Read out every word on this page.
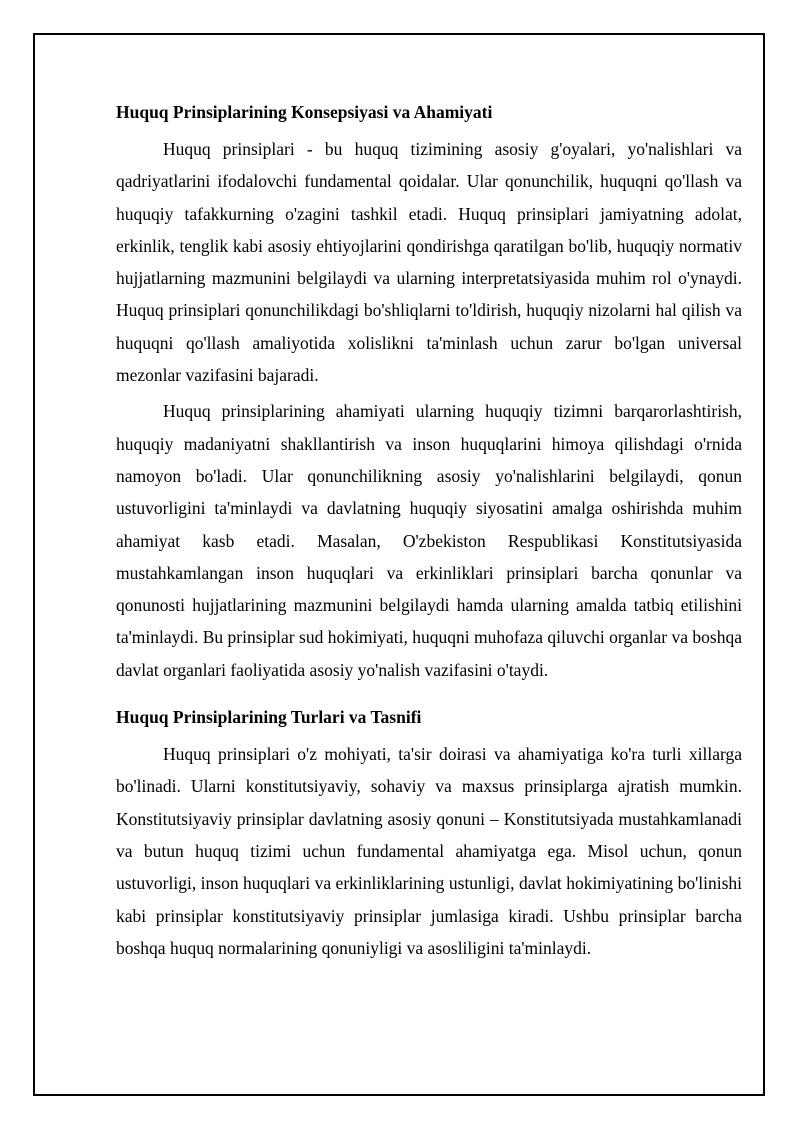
Huquq Prinsiplarining Konsepsiyasi va Ahamiyati

Huquq prinsiplari - bu huquq tizimining asosiy g'oyalari, yo'nalishlari va qadriyatlarini ifodalovchi fundamental qoidalar. Ular qonunchilik, huquqni qo'llash va huquqiy tafakkurning o'zagini tashkil etadi. Huquq prinsiplari jamiyatning adolat, erkinlik, tenglik kabi asosiy ehtiyojlarini qondirishga qaratilgan bo'lib, huquqiy normativ hujjatlarning mazmunini belgilaydi va ularning interpretatsiyasida muhim rol o'ynaydi. Huquq prinsiplari qonunchilikdagi bo'shliqlarni to'ldirish, huquqiy nizolarni hal qilish va huquqni qo'llash amaliyotida xolislikni ta'minlash uchun zarur bo'lgan universal mezonlar vazifasini bajaradi.

Huquq prinsiplarining ahamiyati ularning huquqiy tizimni barqarorlashtirish, huquqiy madaniyatni shakllantirish va inson huquqlarini himoya qilishdagi o'rnida namoyon bo'ladi. Ular qonunchilikning asosiy yo'nalishlarini belgilaydi, qonun ustuvorligini ta'minlaydi va davlatning huquqiy siyosatini amalga oshirishda muhim ahamiyat kasb etadi. Masalan, O'zbekiston Respublikasi Konstitutsiyasida mustahkamlangan inson huquqlari va erkinliklari prinsiplari barcha qonunlar va qonunosti hujjatlarining mazmunini belgilaydi hamda ularning amalda tatbiq etilishini ta'minlaydi. Bu prinsiplar sud hokimiyati, huquqni muhofaza qiluvchi organlar va boshqa davlat organlari faoliyatida asosiy yo'nalish vazifasini o'taydi.

Huquq Prinsiplarining Turlari va Tasnifi

Huquq prinsiplari o'z mohiyati, ta'sir doirasi va ahamiyatiga ko'ra turli xillarga bo'linadi. Ularni konstitutsiyaviy, sohaviy va maxsus prinsiplarga ajratish mumkin. Konstitutsiyaviy prinsiplar davlatning asosiy qonuni – Konstitutsiyada mustahkamlanadi va butun huquq tizimi uchun fundamental ahamiyatga ega. Misol uchun, qonun ustuvorligi, inson huquqlari va erkinliklarining ustunligi, davlat hokimiyatining bo'linishi kabi prinsiplar konstitutsiyaviy prinsiplar jumlasiga kiradi. Ushbu prinsiplar barcha boshqa huquq normalarining qonuniyligi va asosliligini ta'minlaydi.
